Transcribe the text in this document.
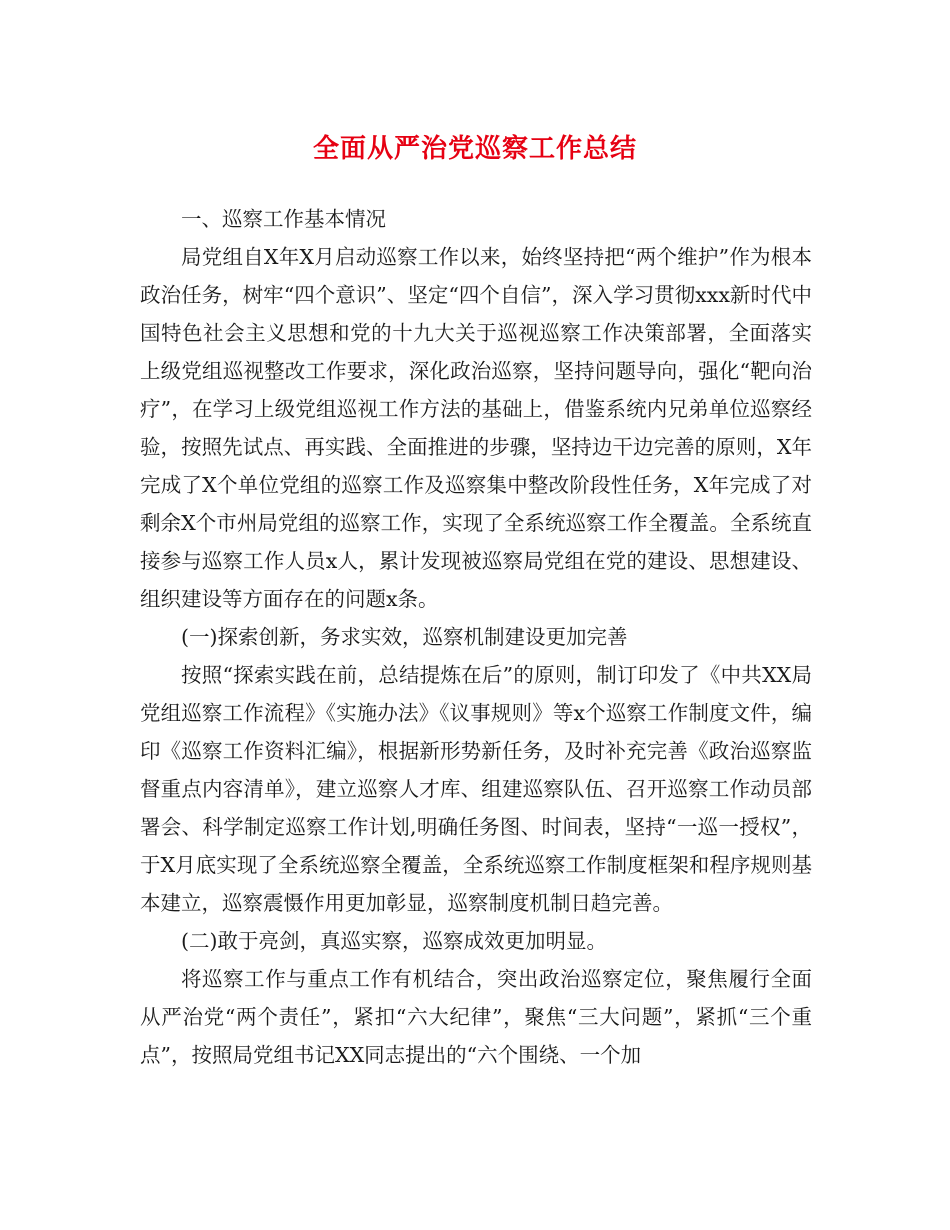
全面从严治党巡察工作总结

一、巡察工作基本情况

局党组自X年X月启动巡察工作以来，始终坚持把“两个维护”作为根本政治任务，树牢“四个意识”、坚定“四个自信”，深入学习贯彻xxx新时代中国特色社会主义思想和党的十九大关于巡视巡察工作决策部署，全面落实上级党组巡视整改工作要求，深化政治巡察，坚持问题导向，强化“靶向治疗”，在学习上级党组巡视工作方法的基础上，借鉴系统内兄弟单位巡察经验，按照先试点、再实践、全面推进的步骤，坚持边干边完善的原则，X年完成了X个单位党组的巡察工作及巡察集中整改阶段性任务，X年完成了对剩余X个市州局党组的巡察工作，实现了全系统巡察工作全覆盖。全系统直接参与巡察工作人员x人，累计发现被巡察局党组在党的建设、思想建设、组织建设等方面存在的问题x条。

(一)探索创新，务求实效，巡察机制建设更加完善

按照“探索实践在前，总结提炼在后”的原则，制订印发了《中共XX局党组巡察工作流程》《实施办法》《议事规则》等x个巡察工作制度文件，编印《巡察工作资料汇编》，根据新形势新任务，及时补充完善《政治巡察监督重点内容清单》，建立巡察人才库、组建巡察队伍、召开巡察工作动员部署会、科学制定巡察工作计划,明确任务图、时间表，坚持“一巡一授权”，于X月底实现了全系统巡察全覆盖，全系统巡察工作制度框架和程序规则基本建立，巡察震慑作用更加彰显，巡察制度机制日趋完善。

(二)敢于亮剑，真巡实察，巡察成效更加明显。

将巡察工作与重点工作有机结合，突出政治巡察定位，聚焦履行全面从严治党“两个责任”，紧扣“六大纪律”，聚焦“三大问题”，紧抓“三个重点”，按照局党组书记XX同志提出的“六个围绕、一个加
